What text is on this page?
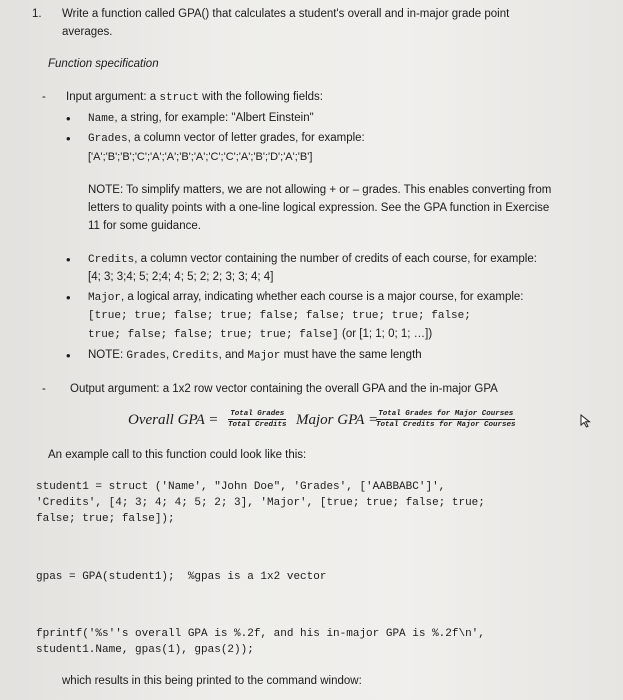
1. Write a function called GPA() that calculates a student's overall and in-major grade point
averages.
Function specification
- Input argument: a struct with the following fields:
• Name, a string, for example: "Albert Einstein"
• Grades, a column vector of letter grades, for example:
['A';'B';'B';'C';'A';'A';'B';'A';'C';'C';'A';'B';'D';'A';'B']
NOTE: To simplify matters, we are not allowing + or – grades. This enables converting from
letters to quality points with a one-line logical expression. See the GPA function in Exercise
11 for some guidance.
• Credits, a column vector containing the number of credits of each course, for example:
[4; 3; 3;4; 5; 2;4; 4; 5; 2; 2; 3; 3; 4; 4]
• Major, a logical array, indicating whether each course is a major course, for example:
[true; true; false; true; false; false; true; true; false;
true; false; false; true; true; false] (or [1; 1; 0; 1; …])
• NOTE: Grades, Credits, and Major must have the same length
- Output argument: a 1x2 row vector containing the overall GPA and the in-major GPA
Overall GPA = Total Grades
Total Credits Major GPA = Total Grades for Major Courses
Total Credits for Major Courses
An example call to this function could look like this:
student1 = struct ('Name', "John Doe", 'Grades', ['AABBABC']',
'Credits', [4; 3; 4; 4; 5; 2; 3], 'Major', [true; true; false; true;
false; true; false]);
gpas = GPA(student1);  %gpas is a 1x2 vector
fprintf('%s''s overall GPA is %.2f, and his in-major GPA is %.2f\n',
student1.Name, gpas(1), gpas(2));
which results in this being printed to the command window:
